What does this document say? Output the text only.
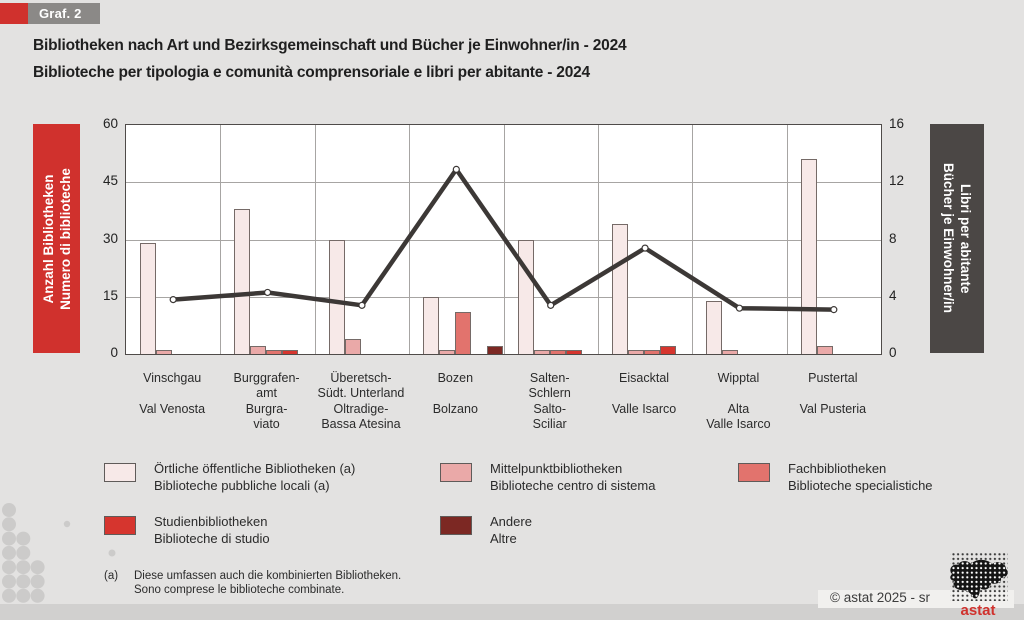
Graf. 2
Bibliotheken nach Art und Bezirksgemeinschaft und Bücher je Einwohner/in - 2024
Biblioteche per tipologia e comunità comprensoriale e libri per abitante - 2024
Anzahl Bibliotheken Numero di biblioteche	Bücher je Einwohner/in Libri per abitante
0
15
30
45
60
0
4
8
12
16
Vinschgau
Val Venosta
Burggrafen-
amt
Burgra-
viato
Überetsch-
Südt. Unterland
Oltradige-
Bassa Atesina
Bozen
Bolzano
Salten-
Schlern
Salto-
Sciliar
Eisacktal
Valle Isarco
Wipptal
Alta
Valle Isarco
Pustertal
Val Pusteria
Örtliche öffentliche Bibliotheken (a)
Biblioteche pubbliche locali (a)
Mittelpunktbibliotheken
Biblioteche centro di sistema
Fachbibliotheken
Biblioteche specialistiche
Studienbibliotheken
Biblioteche di studio
Andere
Altre
(a)	Diese umfassen auch die kombinierten Bibliotheken.
Sono comprese le biblioteche combinate.
© astat 2025 - sr
astat
